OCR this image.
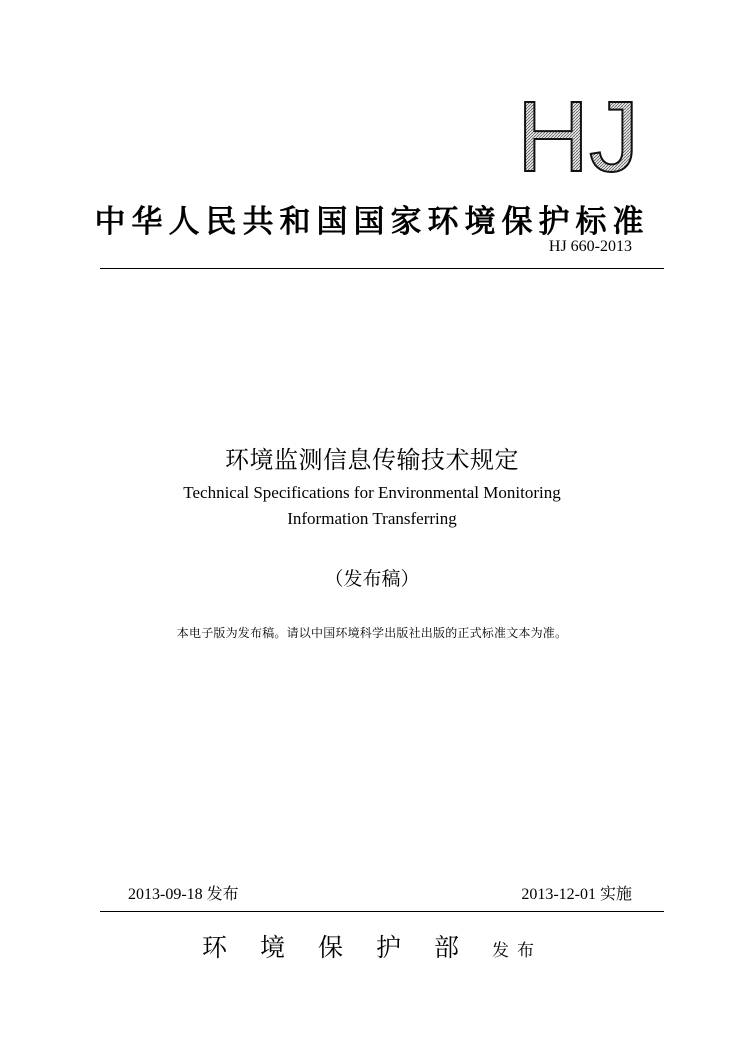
HJ
中华人民共和国国家环境保护标准
HJ 660-2013
环境监测信息传输技术规定
Technical Specifications for Environmental Monitoring
Information Transferring
（发布稿）
本电子版为发布稿。请以中国环境科学出版社出版的正式标准文本为准。
2013-09-18 发布	2013-12-01 实施
环境保护部发布
